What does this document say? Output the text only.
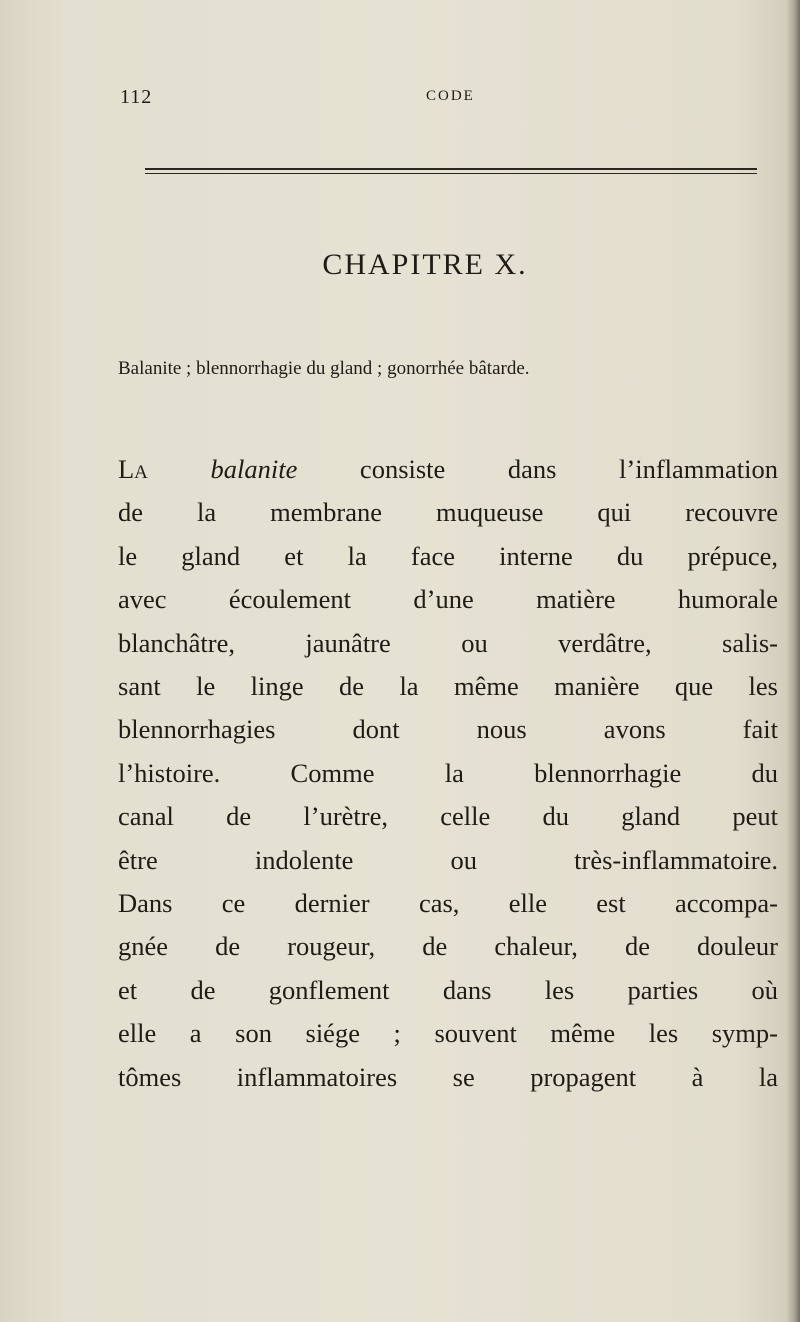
112	CODE
CHAPITRE X.
Balanite ; blennorrhagie du gland ; gonorrhée bâtarde.
La balanite consiste dans l’inflammation
de la membrane muqueuse qui recouvre
le gland et la face interne du prépuce,
avec écoulement d’une matière humorale
blanchâtre, jaunâtre ou verdâtre, salis-
sant le linge de la même manière que les
blennorrhagies dont nous avons fait
l’histoire. Comme la blennorrhagie du
canal de l’urètre, celle du gland peut
être indolente ou très-inflammatoire.
Dans ce dernier cas, elle est accompa-
gnée de rougeur, de chaleur, de douleur
et de gonflement dans les parties où
elle a son siége ; souvent même les symp-
tômes inflammatoires se propagent à la
